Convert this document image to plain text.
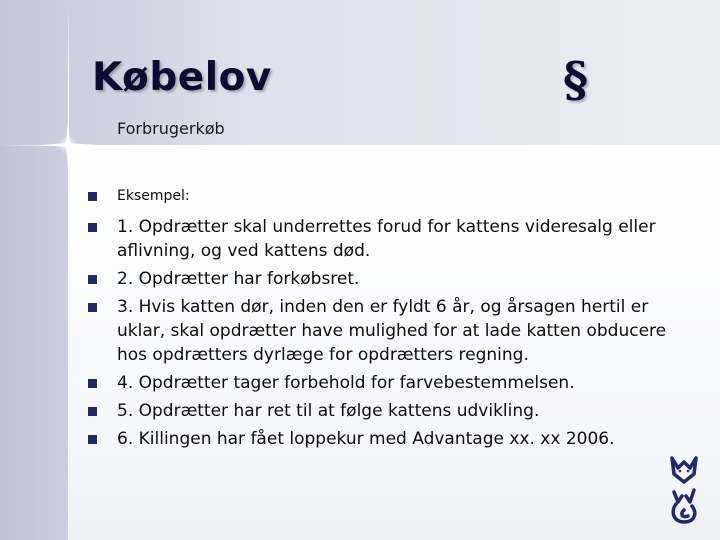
Købelov	§
Forbrugerkøb
Eksempel:
1. Opdrætter skal underrettes forud for kattens videresalg eller aflivning, og ved kattens død.
2. Opdrætter har forkøbsret.
3. Hvis katten dør, inden den er fyldt 6 år, og årsagen hertil er uklar, skal opdrætter have mulighed for at lade katten obducere hos opdrætters dyrlæge for opdrætters regning.
4. Opdrætter tager forbehold for farvebestemmelsen.
5. Opdrætter har ret til at følge kattens udvikling.
6. Killingen har fået loppekur med Advantage xx. xx 2006.
